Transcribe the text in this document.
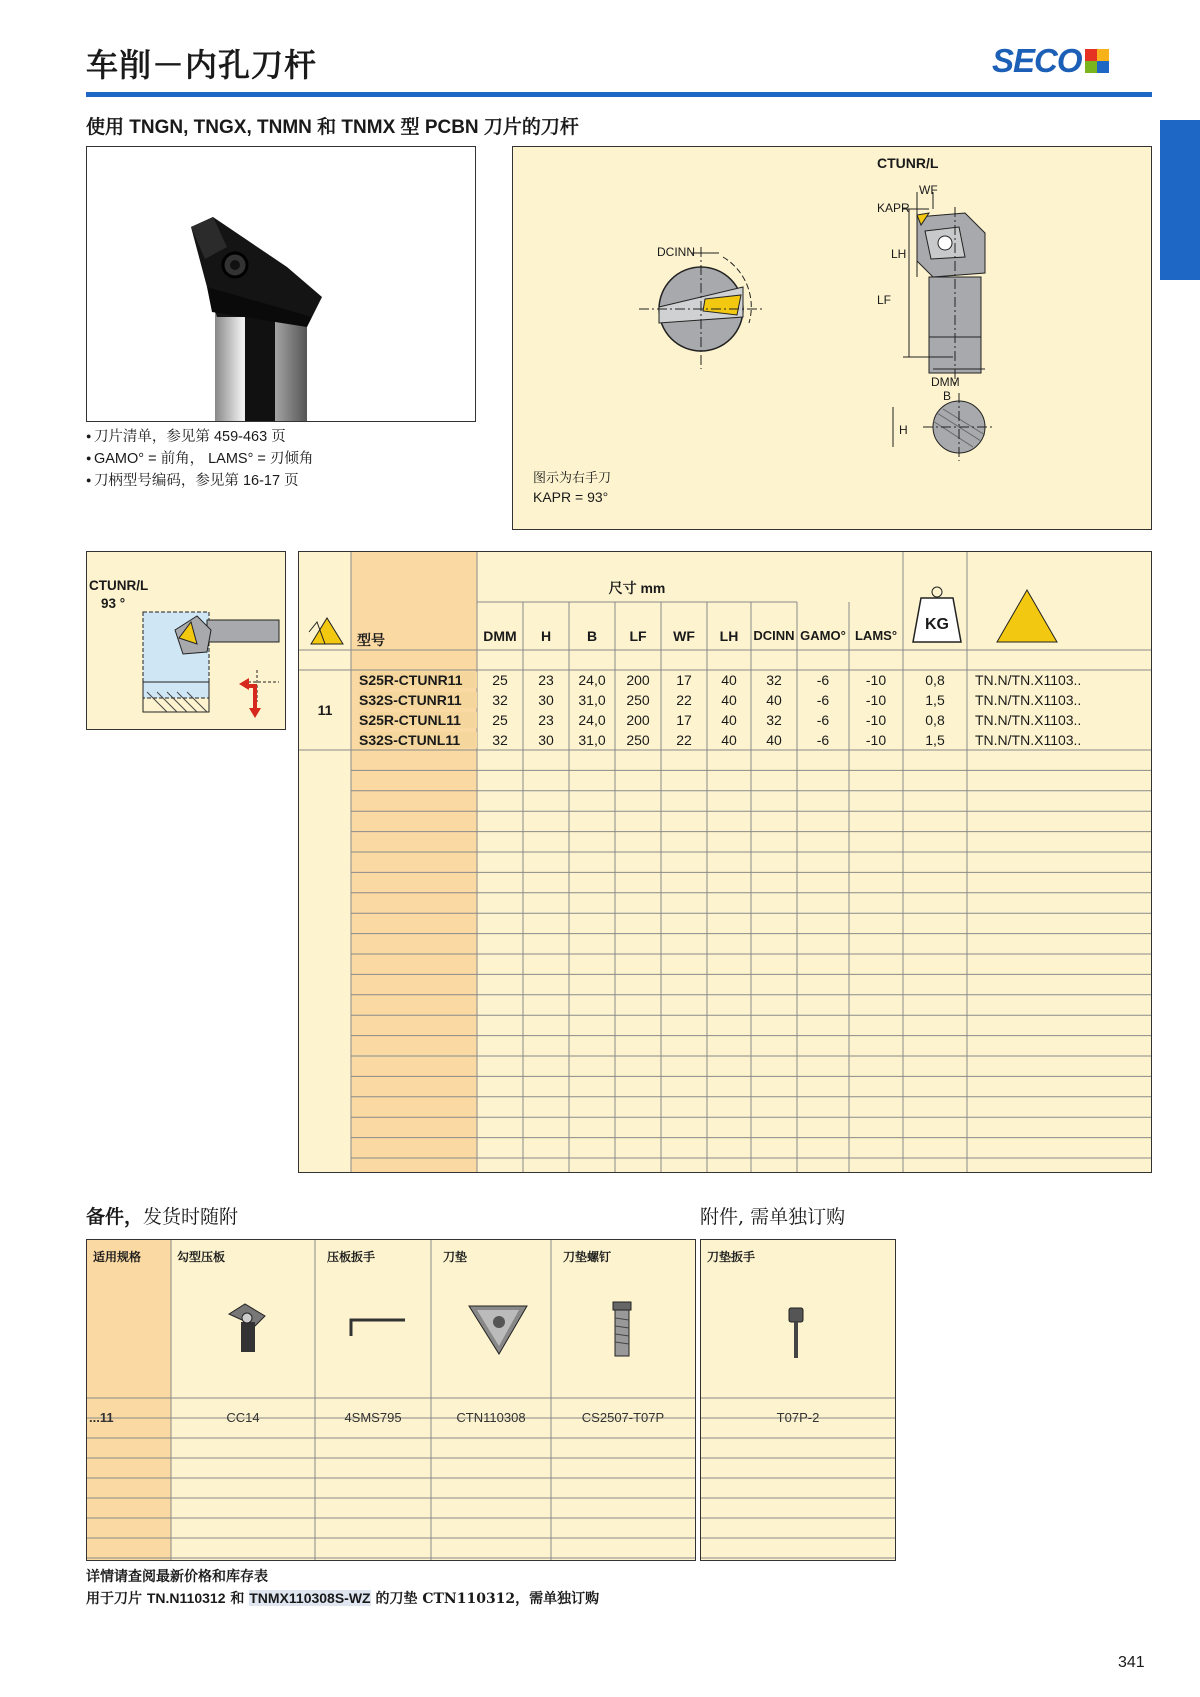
车削－内孔刀杆	SECO
使用 TNGN, TNGX, TNMN 和 TNMX 型 PCBN 刀片的刀杆
● 刀片清单，参见第 459-463 页
● GAMO° = 前角， LAMS° = 刃倾角
● 刀柄型号编码，参见第 16-17 页
CTUNR/L
WF
KAPR
LH
LF
DCINN
DMM
B
H
图示为右手刀
KAPR = 93°
CTUNR/L
93 °
型号
尺寸 mm
DMM	H	B	LF	WF	LH	DCINN GAMO° LAMS°
KG
11
S25R-CTUNR11	25	23	24,0	200	17	40	32	-6	-10	0,8	TN.N/TN.X1103..
S32S-CTUNR11	32	30	31,0	250	22	40	40	-6	-10	1,5	TN.N/TN.X1103..
S25R-CTUNL11	25	23	24,0	200	17	40	32	-6	-10	0,8	TN.N/TN.X1103..
S32S-CTUNL11	32	30	31,0	250	22	40	40	-6	-10	1,5	TN.N/TN.X1103..
备件，发货时随附	附件, 需单独订购
适用规格	勾型压板	压板扳手	刀垫	刀垫螺钉
...11	CC14	4SMS795	CTN110308	CS2507-T07P
刀垫扳手
T07P-2
详情请查阅最新价格和库存表
用于刀片 TN.N110312 和 TNMX110308S-WZ 的刀垫 CTN110312，需单独订购
341
